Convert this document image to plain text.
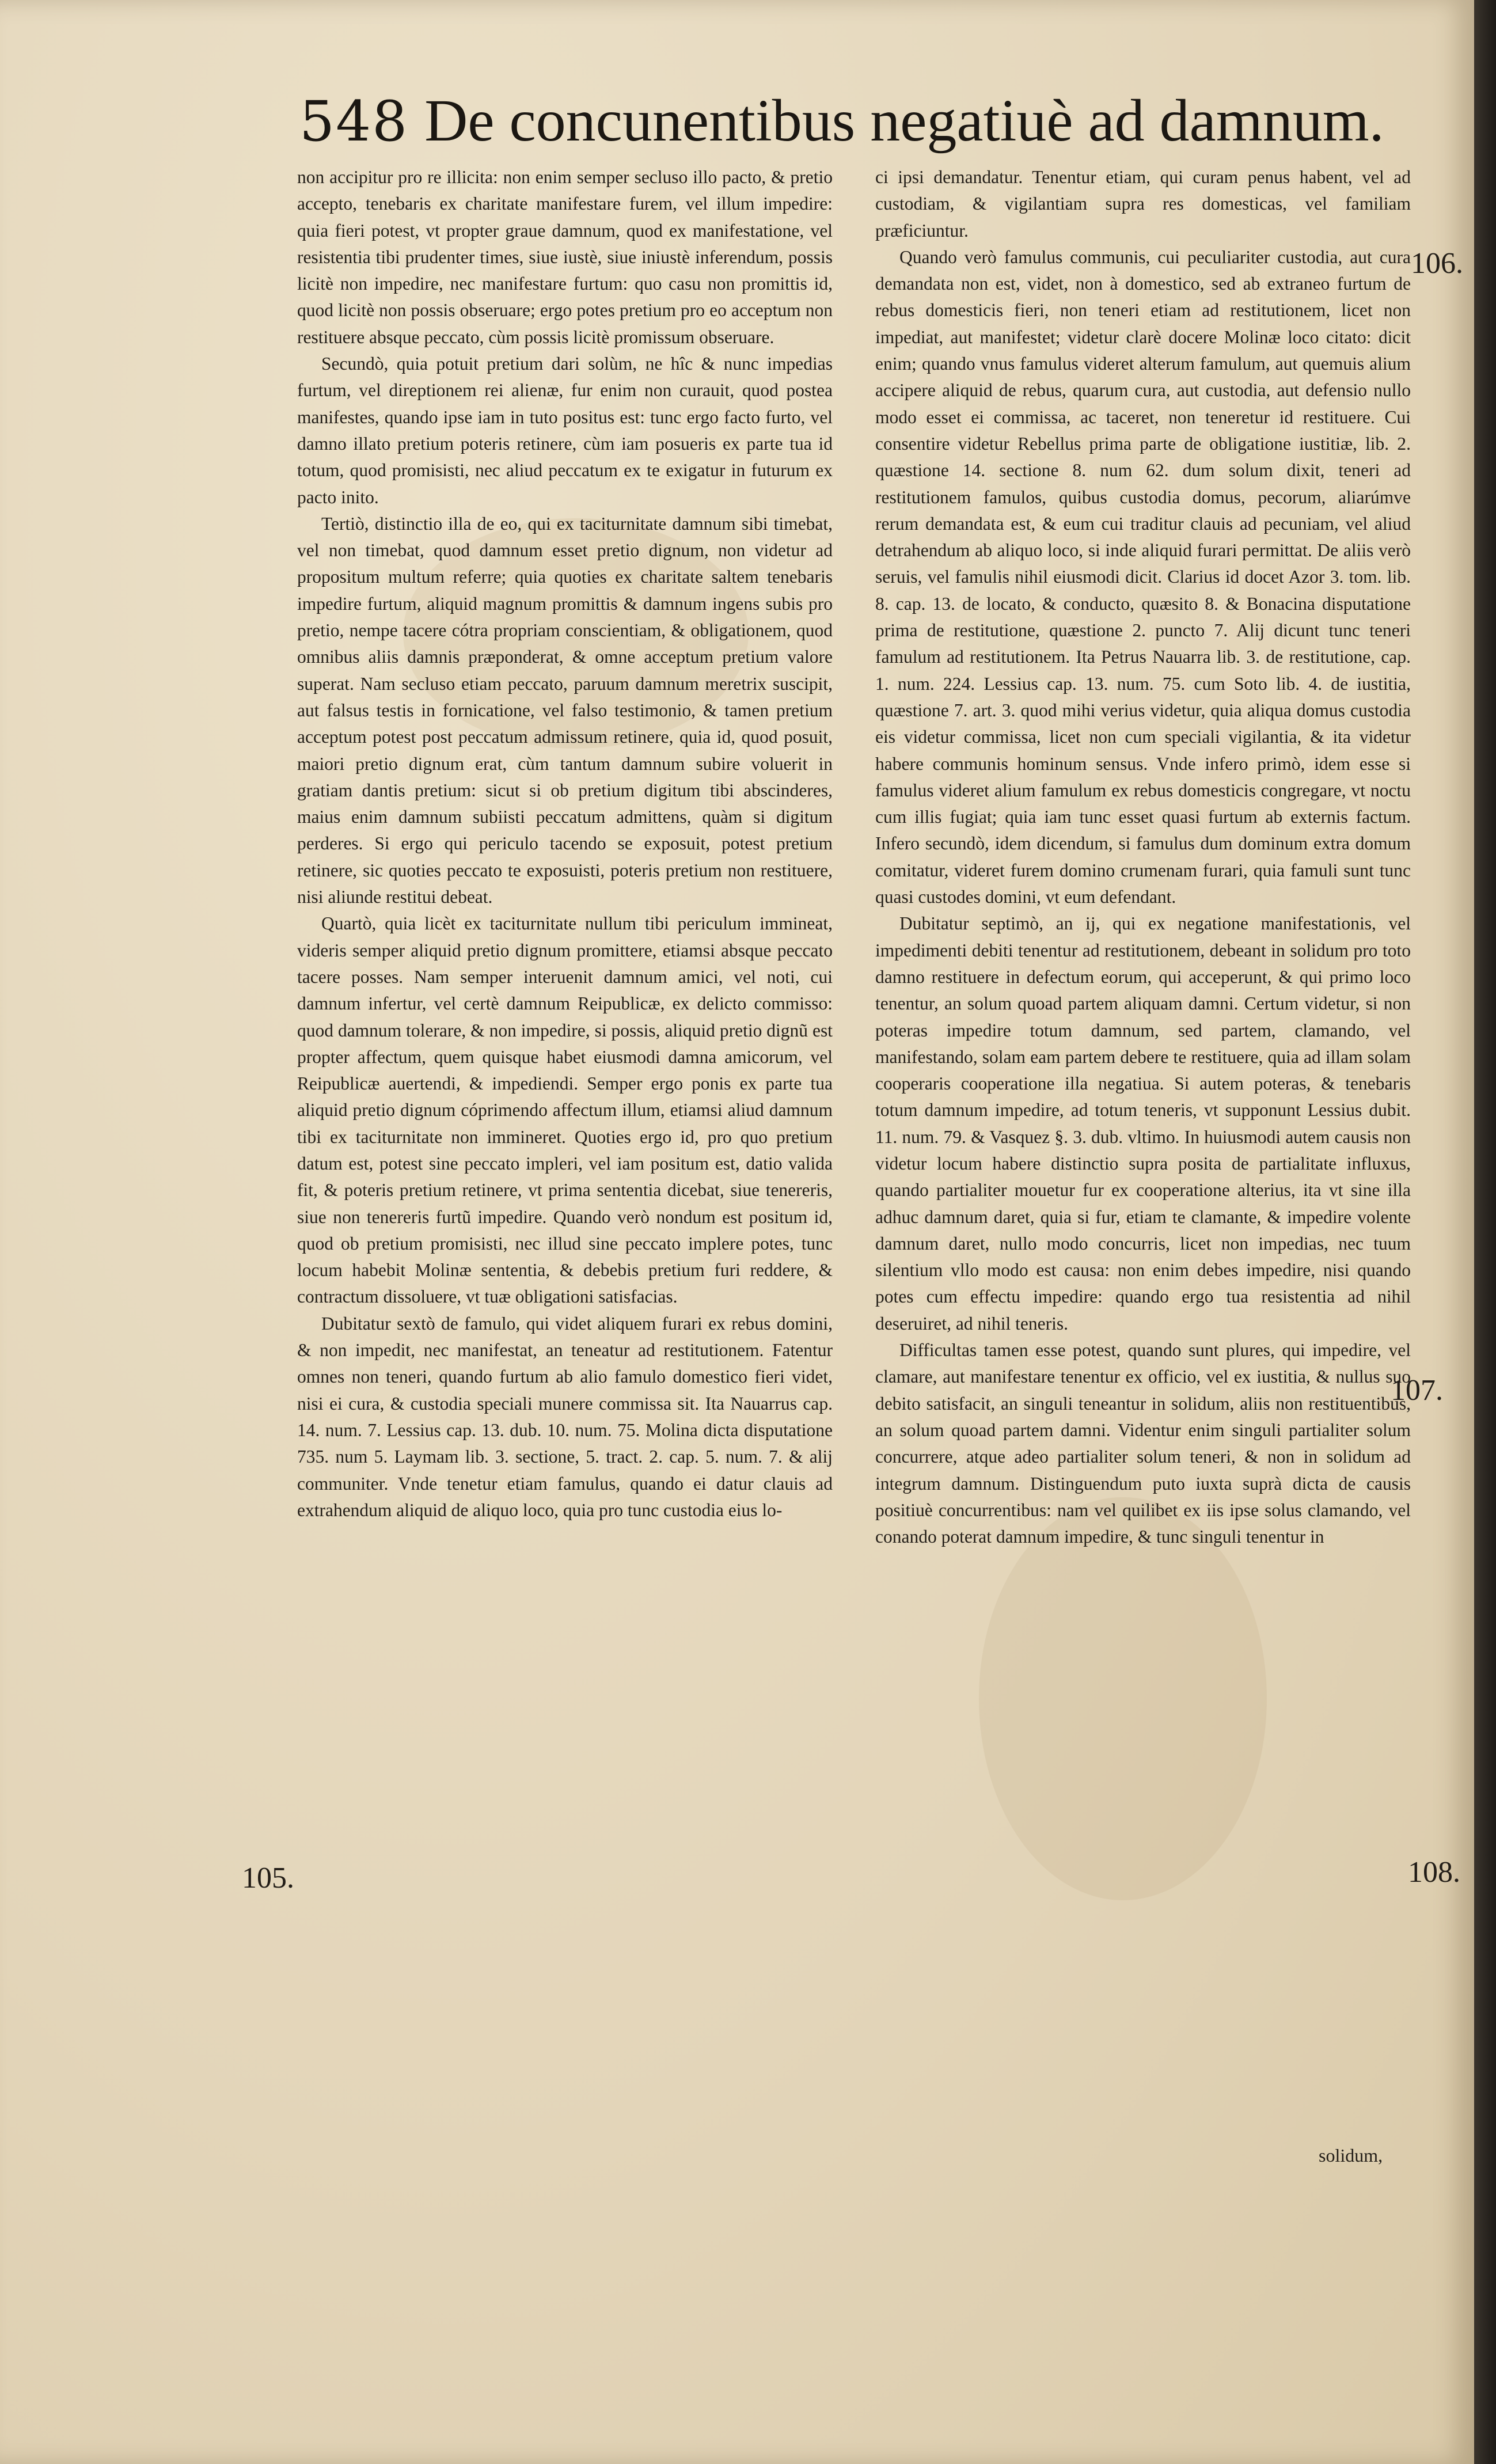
548 De concunentibus negatiuè ad damnum.

non accipitur pro re illicita: non enim semper secluso illo pacto, & pretio accepto, tenebaris ex charitate manifestare furem, vel illum impedire: quia fieri potest, vt propter graue damnum, quod ex manifestatione, vel resistentia tibi prudenter times, siue iustè, siue iniustè inferendum, possis licitè non impedire, nec manifestare furtum: quo casu non promittis id, quod licitè non possis obseruare; ergo potes pretium pro eo acceptum non restituere absque peccato, cùm possis licitè promissum obseruare.

Secundò, quia potuit pretium dari solùm, ne hîc & nunc impedias furtum, vel direptionem rei alienæ, fur enim non curauit, quod postea manifestes, quando ipse iam in tuto positus est: tunc ergo facto furto, vel damno illato pretium poteris retinere, cùm iam posueris ex parte tua id totum, quod promisisti, nec aliud peccatum ex te exigatur in futurum ex pacto inito.

Tertiò, distinctio illa de eo, qui ex taciturnitate damnum sibi timebat, vel non timebat, quod damnum esset pretio dignum, non videtur ad propositum multum referre; quia quoties ex charitate saltem tenebaris impedire furtum, aliquid magnum promittis & damnum ingens subis pro pretio, nempe tacere cótra propriam conscientiam, & obligationem, quod omnibus aliis damnis præponderat, & omne acceptum pretium valore superat. Nam secluso etiam peccato, paruum damnum meretrix suscipit, aut falsus testis in fornicatione, vel falso testimonio, & tamen pretium acceptum potest post peccatum admissum retinere, quia id, quod posuit, maiori pretio dignum erat, cùm tantum damnum subire voluerit in gratiam dantis pretium: sicut si ob pretium digitum tibi abscinderes, maius enim damnum subiisti peccatum admittens, quàm si digitum perderes. Si ergo qui periculo tacendo se exposuit, potest pretium retinere, sic quoties peccato te exposuisti, poteris pretium non restituere, nisi aliunde restitui debeat.

Quartò, quia licèt ex taciturnitate nullum tibi periculum immineat, videris semper aliquid pretio dignum promittere, etiamsi absque peccato tacere posses. Nam semper interuenit damnum amici, vel noti, cui damnum infertur, vel certè damnum Reipublicæ, ex delicto commisso: quod damnum tolerare, & non impedire, si possis, aliquid pretio dignũ est propter affectum, quem quisque habet eiusmodi damna amicorum, vel Reipublicæ auertendi, & impediendi. Semper ergo ponis ex parte tua aliquid pretio dignum cóprimendo affectum illum, etiamsi aliud damnum tibi ex taciturnitate non immineret. Quoties ergo id, pro quo pretium datum est, potest sine peccato impleri, vel iam positum est, datio valida fit, & poteris pretium retinere, vt prima sententia dicebat, siue tenereris, siue non tenereris furtũ impedire. Quando verò nondum est positum id, quod ob pretium promisisti, nec illud sine peccato implere potes, tunc locum habebit Molinæ sententia, & debebis pretium furi reddere, & contractum dissoluere, vt tuæ obligationi satisfacias.

Dubitatur sextò de famulo, qui videt aliquem furari ex rebus domini, & non impedit, nec manifestat, an teneatur ad restitutionem. Fatentur omnes non teneri, quando furtum ab alio famulo domestico fieri videt, nisi ei cura, & custodia speciali munere commissa sit. Ita Nauarrus cap. 14. num. 7. Lessius cap. 13. dub. 10. num. 75. Molina dicta disputatione 735. num 5. Laymam lib. 3. sectione, 5. tract. 2. cap. 5. num. 7. & alij communiter. Vnde tenetur etiam famulus, quando ei datur clauis ad extrahendum aliquid de aliquo loco, quia pro tunc custodia eius lo-

ci ipsi demandatur. Tenentur etiam, qui curam penus habent, vel ad custodiam, & vigilantiam supra res domesticas, vel familiam præficiuntur.

Quando verò famulus communis, cui peculiariter custodia, aut cura demandata non est, videt, non à domestico, sed ab extraneo furtum de rebus domesticis fieri, non teneri etiam ad restitutionem, licet non impediat, aut manifestet; videtur clarè docere Molinæ loco citato: dicit enim; quando vnus famulus videret alterum famulum, aut quemuis alium accipere aliquid de rebus, quarum cura, aut custodia, aut defensio nullo modo esset ei commissa, ac taceret, non teneretur id restituere. Cui consentire videtur Rebellus prima parte de obligatione iustitiæ, lib. 2. quæstione 14. sectione 8. num 62. dum solum dixit, teneri ad restitutionem famulos, quibus custodia domus, pecorum, aliarúmve rerum demandata est, & eum cui traditur clauis ad pecuniam, vel aliud detrahendum ab aliquo loco, si inde aliquid furari permittat. De aliis verò seruis, vel famulis nihil eiusmodi dicit. Clarius id docet Azor 3. tom. lib. 8. cap. 13. de locato, & conducto, quæsito 8. & Bonacina disputatione prima de restitutione, quæstione 2. puncto 7. Alij dicunt tunc teneri famulum ad restitutionem. Ita Petrus Nauarra lib. 3. de restitutione, cap. 1. num. 224. Lessius cap. 13. num. 75. cum Soto lib. 4. de iustitia, quæstione 7. art. 3. quod mihi verius videtur, quia aliqua domus custodia eis videtur commissa, licet non cum speciali vigilantia, & ita videtur habere communis hominum sensus. Vnde infero primò, idem esse si famulus videret alium famulum ex rebus domesticis congregare, vt noctu cum illis fugiat; quia iam tunc esset quasi furtum ab externis factum. Infero secundò, idem dicendum, si famulus dum dominum extra domum comitatur, videret furem domino crumenam furari, quia famuli sunt tunc quasi custodes domini, vt eum defendant.

Dubitatur septimò, an ij, qui ex negatione manifestationis, vel impedimenti debiti tenentur ad restitutionem, debeant in solidum pro toto damno restituere in defectum eorum, qui acceperunt, & qui primo loco tenentur, an solum quoad partem aliquam damni. Certum videtur, si non poteras impedire totum damnum, sed partem, clamando, vel manifestando, solam eam partem debere te restituere, quia ad illam solam cooperaris cooperatione illa negatiua. Si autem poteras, & tenebaris totum damnum impedire, ad totum teneris, vt supponunt Lessius dubit. 11. num. 79. & Vasquez §. 3. dub. vltimo. In huiusmodi autem causis non videtur locum habere distinctio supra posita de partialitate influxus, quando partialiter mouetur fur ex cooperatione alterius, ita vt sine illa adhuc damnum daret, quia si fur, etiam te clamante, & impedire volente damnum daret, nullo modo concurris, licet non impedias, nec tuum silentium vllo modo est causa: non enim debes impedire, nisi quando potes cum effectu impedire: quando ergo tua resistentia ad nihil deseruiret, ad nihil teneris.

Difficultas tamen esse potest, quando sunt plures, qui impedire, vel clamare, aut manifestare tenentur ex officio, vel ex iustitia, & nullus suo debito satisfacit, an singuli teneantur in solidum, aliis non restituentibus, an solum quoad partem damni. Videntur enim singuli partialiter solum concurrere, atque adeo partialiter solum teneri, & non in solidum ad integrum damnum. Distinguendum puto iuxta suprà dicta de causis positiuè concurrentibus: nam vel quilibet ex iis ipse solus clamando, vel conando poterat damnum impedire, & tunc singuli tenentur in

105.
106.
107.
108.
solidum,
